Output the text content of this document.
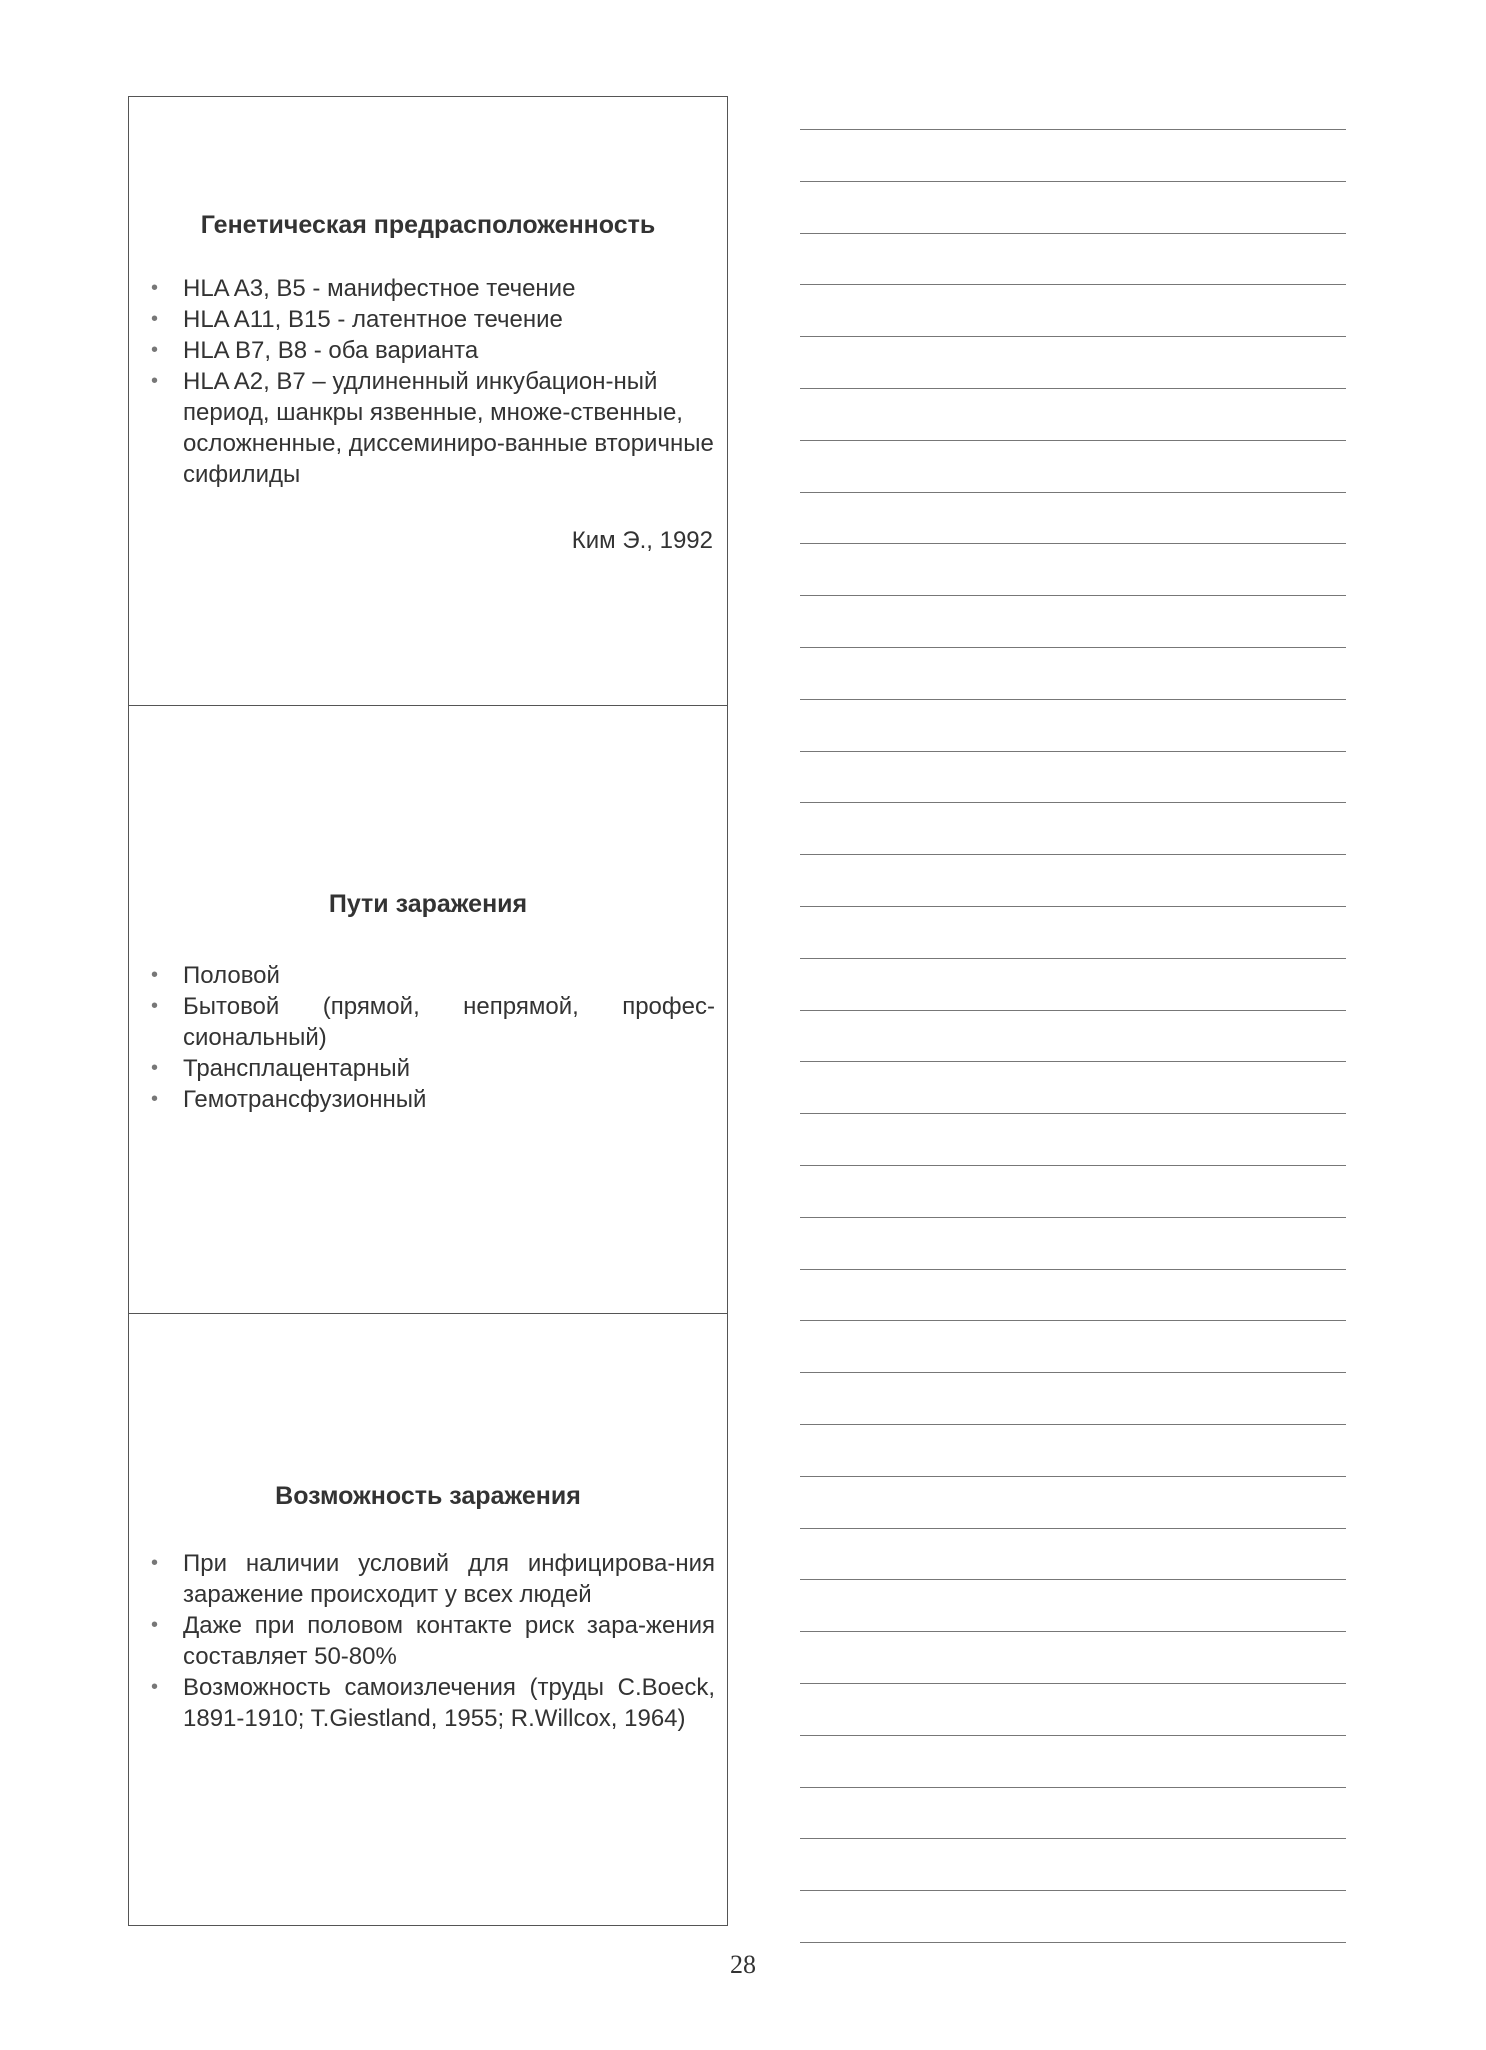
Генетическая предрасположенность
• HLA A3, B5 - манифестное течение
• HLA A11, B15 - латентное течение
• HLA B7, B8 - оба варианта
• HLA A2, B7 – удлиненный инкубацион-ный период, шанкры язвенные, множе-ственные, осложненные, диссеминиро-ванные вторичные сифилиды
Ким Э., 1992
Пути заражения
• Половой
• Бытовой (прямой, непрямой, профес-сиональный)
• Трансплацентарный
• Гемотрансфузионный
Возможность заражения
• При наличии условий для инфицирова-ния заражение происходит у всех людей
• Даже при половом контакте риск зара-жения составляет 50-80%
• Возможность самоизлечения (труды C.Boeck, 1891-1910; T.Giestland, 1955; R.Willcox, 1964)
28
